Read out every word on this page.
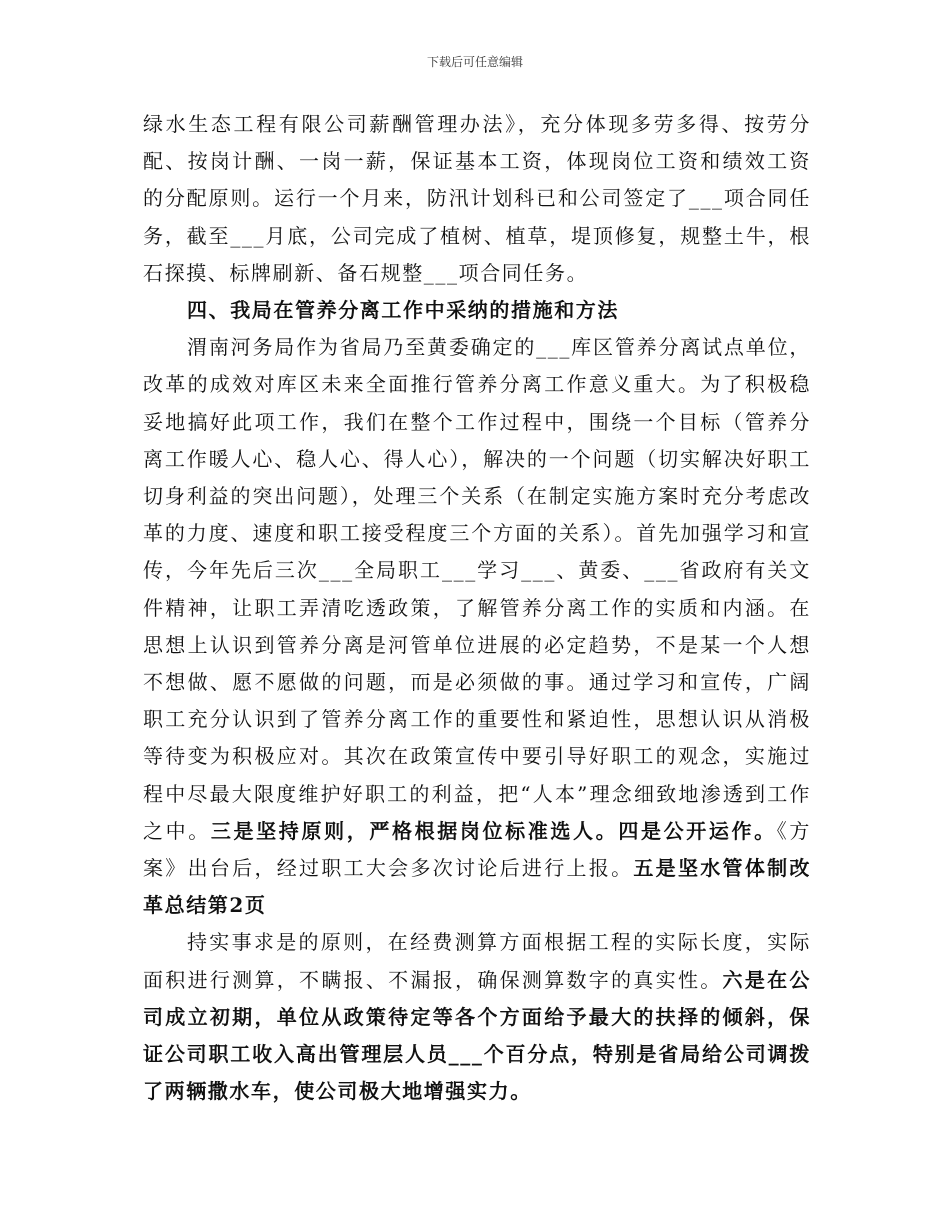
下载后可任意编辑

绿水生态工程有限公司薪酬管理办法》，充分体现多劳多得、按劳分配、按岗计酬、一岗一薪，保证基本工资，体现岗位工资和绩效工资的分配原则。运行一个月来，防汛计划科已和公司签定了___项合同任务，截至___月底，公司完成了植树、植草，堤顶修复，规整土牛，根石探摸、标牌刷新、备石规整___项合同任务。

四、我局在管养分离工作中采纳的措施和方法

渭南河务局作为省局乃至黄委确定的___库区管养分离试点单位，改革的成效对库区未来全面推行管养分离工作意义重大。为了积极稳妥地搞好此项工作，我们在整个工作过程中，围绕一个目标（管养分离工作暖人心、稳人心、得人心），解决的一个问题（切实解决好职工切身利益的突出问题），处理三个关系（在制定实施方案时充分考虑改革的力度、速度和职工接受程度三个方面的关系）。首先加强学习和宣传，今年先后三次___全局职工___学习___、黄委、___省政府有关文件精神，让职工弄清吃透政策，了解管养分离工作的实质和内涵。在思想上认识到管养分离是河管单位进展的必定趋势，不是某一个人想不想做、愿不愿做的问题，而是必须做的事。通过学习和宣传，广阔职工充分认识到了管养分离工作的重要性和紧迫性，思想认识从消极等待变为积极应对。其次在政策宣传中要引导好职工的观念，实施过程中尽最大限度维护好职工的利益，把“人本”理念细致地渗透到工作之中。三是坚持原则，严格根据岗位标准选人。四是公开运作。《方案》出台后，经过职工大会多次讨论后进行上报。五是坚水管体制改革总结第2页

持实事求是的原则，在经费测算方面根据工程的实际长度，实际面积进行测算，不瞒报、不漏报，确保测算数字的真实性。六是在公司成立初期，单位从政策待定等各个方面给予最大的扶择的倾斜，保证公司职工收入高出管理层人员___个百分点，特别是省局给公司调拨了两辆撒水车，使公司极大地增强实力。
